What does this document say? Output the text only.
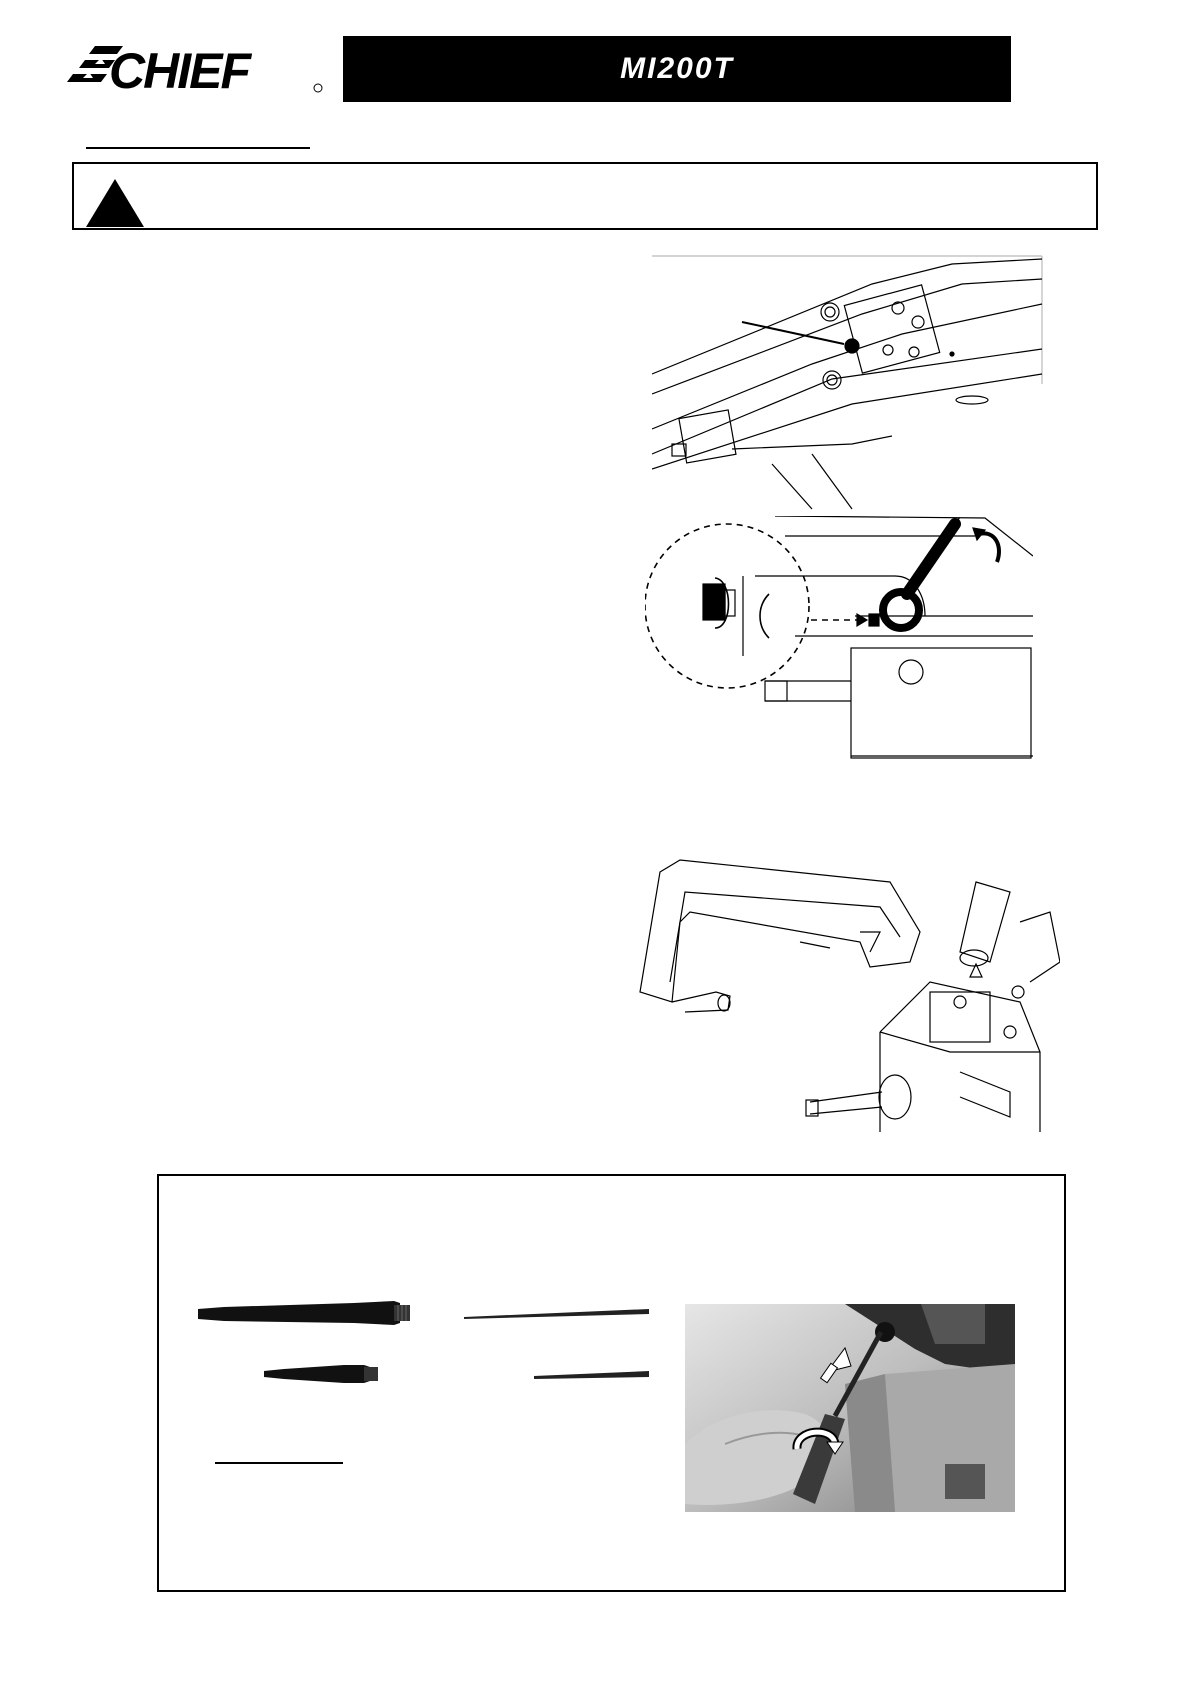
CHIEF	MI200T
